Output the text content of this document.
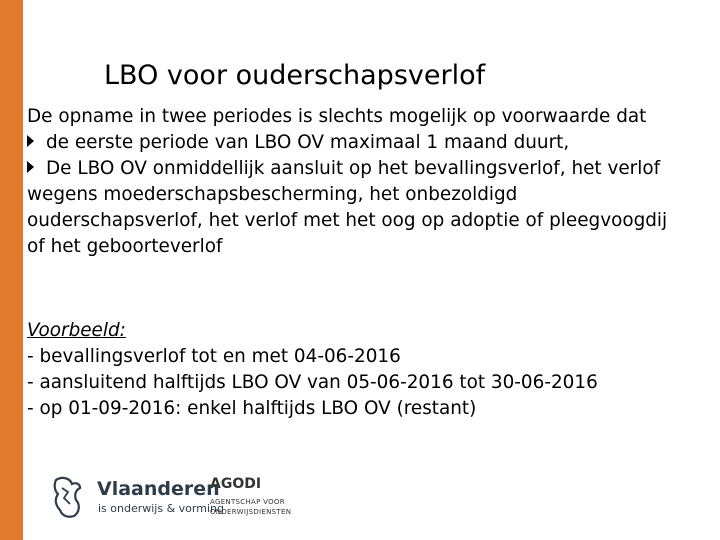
LBO voor ouderschapsverlof
De opname in twee periodes is slechts mogelijk op voorwaarde dat
de eerste periode van LBO OV maximaal 1 maand duurt,
De LBO OV onmiddellijk aansluit op het bevallingsverlof, het verlof
wegens moederschapsbescherming, het onbezoldigd
ouderschapsverlof, het verlof met het oog op adoptie of pleegvoogdij
of het geboorteverlof
Voorbeeld:
- bevallingsverlof tot en met 04-06-2016
- aansluitend halftijds LBO OV van 05-06-2016 tot 30-06-2016
- op 01-09-2016: enkel halftijds LBO OV (restant)
Vlaanderen
is onderwijs & vorming
AGODI
AGENTSCHAP VOOR ONDERWIJSDIENSTEN
